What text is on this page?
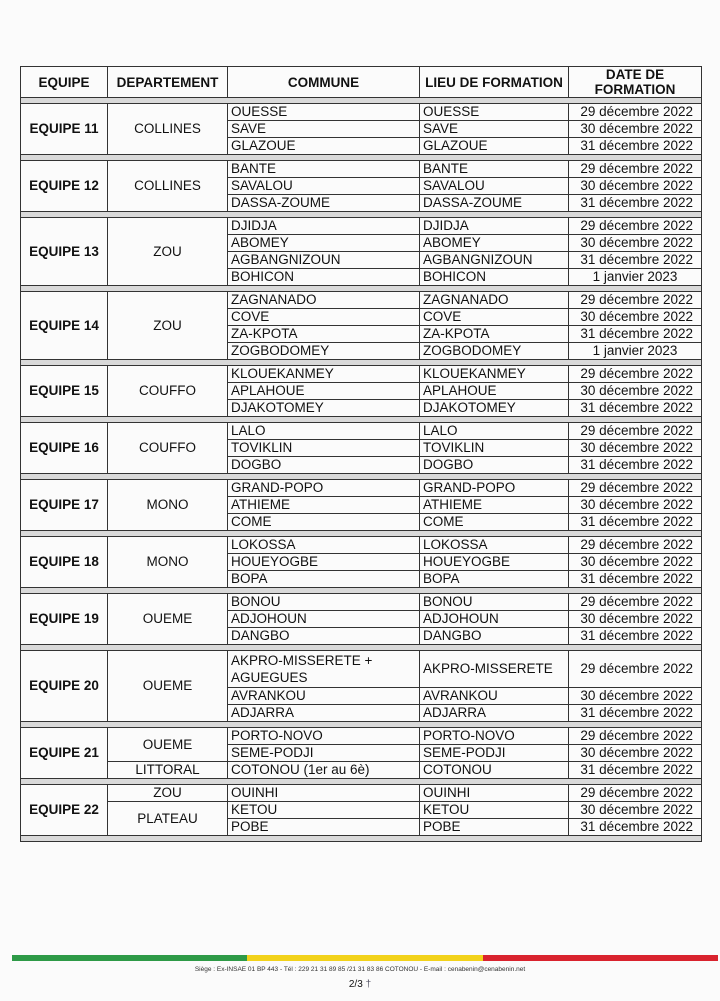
EQUIPE	DEPARTEMENT	COMMUNE	LIEU DE FORMATION	DATE DE FORMATION

EQUIPE 11	COLLINES	OUESSE	OUESSE	29 décembre 2022
		SAVE	SAVE	30 décembre 2022
		GLAZOUE	GLAZOUE	31 décembre 2022

EQUIPE 12	COLLINES	BANTE	BANTE	29 décembre 2022
		SAVALOU	SAVALOU	30 décembre 2022
		DASSA-ZOUME	DASSA-ZOUME	31 décembre 2022

EQUIPE 13	ZOU	DJIDJA	DJIDJA	29 décembre 2022
		ABOMEY	ABOMEY	30 décembre 2022
		AGBANGNIZOUN	AGBANGNIZOUN	31 décembre 2022
		BOHICON	BOHICON	1 janvier 2023

EQUIPE 14	ZOU	ZAGNANADO	ZAGNANADO	29 décembre 2022
		COVE	COVE	30 décembre 2022
		ZA-KPOTA	ZA-KPOTA	31 décembre 2022
		ZOGBODOMEY	ZOGBODOMEY	1 janvier 2023

EQUIPE 15	COUFFO	KLOUEKANMEY	KLOUEKANMEY	29 décembre 2022
		APLAHOUE	APLAHOUE	30 décembre 2022
		DJAKOTOMEY	DJAKOTOMEY	31 décembre 2022

EQUIPE 16	COUFFO	LALO	LALO	29 décembre 2022
		TOVIKLIN	TOVIKLIN	30 décembre 2022
		DOGBO	DOGBO	31 décembre 2022

EQUIPE 17	MONO	GRAND-POPO	GRAND-POPO	29 décembre 2022
		ATHIEME	ATHIEME	30 décembre 2022
		COME	COME	31 décembre 2022

EQUIPE 18	MONO	LOKOSSA	LOKOSSA	29 décembre 2022
		HOUEYOGBE	HOUEYOGBE	30 décembre 2022
		BOPA	BOPA	31 décembre 2022

EQUIPE 19	OUEME	BONOU	BONOU	29 décembre 2022
		ADJOHOUN	ADJOHOUN	30 décembre 2022
		DANGBO	DANGBO	31 décembre 2022

EQUIPE 20	OUEME	AKPRO-MISSERETE + AGUEGUES	AKPRO-MISSERETE	29 décembre 2022
		AVRANKOU	AVRANKOU	30 décembre 2022
		ADJARRA	ADJARRA	31 décembre 2022

EQUIPE 21	OUEME	PORTO-NOVO	PORTO-NOVO	29 décembre 2022
		SEME-PODJI	SEME-PODJI	30 décembre 2022
	LITTORAL	COTONOU (1er au 6è)	COTONOU	31 décembre 2022

EQUIPE 22	ZOU	OUINHI	OUINHI	29 décembre 2022
	PLATEAU	KETOU	KETOU	30 décembre 2022
		POBE	POBE	31 décembre 2022

Siège : Ex-INSAE 01 BP 443 - Tél : 229 21 31 89 85 /21 31 83 86 COTONOU - E-mail : cenabenin@cenabenin.net
2/3 †
